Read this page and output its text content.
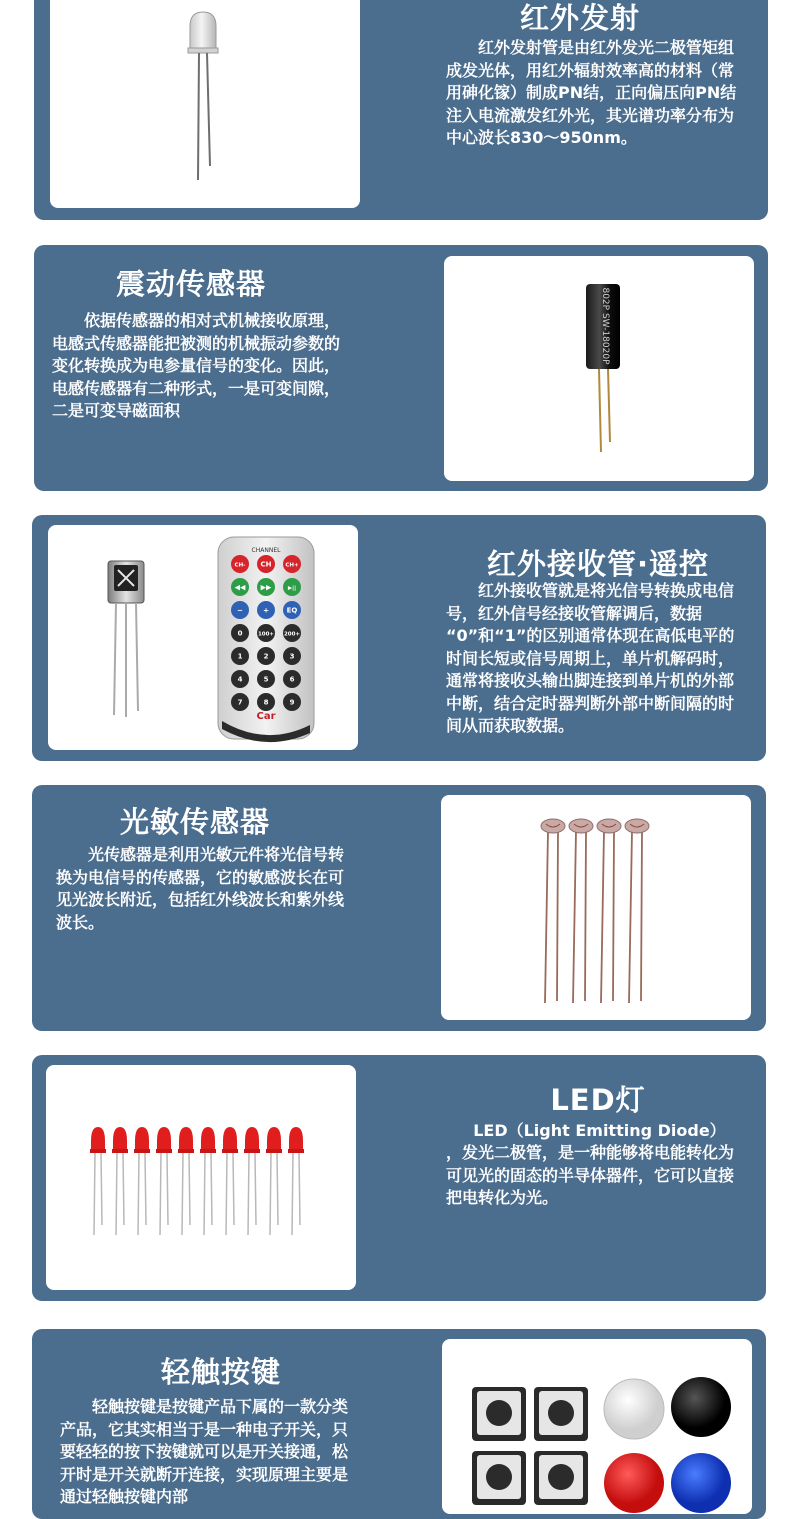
红外发射

红外发射管是由红外发光二极管矩组成发光体，用红外辐射效率高的材料（常用砷化镓）制成PN结，正向偏压向PN结注入电流激发红外光，其光谱功率分布为中心波长830～950nm。

震动传感器

依据传感器的相对式机械接收原理，电感式传感器能把被测的机械振动参数的变化转换成为电参量信号的变化。因此，电感传感器有二种形式，一是可变间隙，二是可变导磁面积

802P SW-18020P
CHANNEL
CH- CH	CH+
◀◀ ▶▶	▶||
−	+	EQ
0	100+ 200+
1	2	3
4	5	6
7	8	9
Car
红外接收管·遥控

红外接收管就是将光信号转换成电信号，红外信号经接收管解调后，数据 “0”和“1”的区别通常体现在高低电平的时间长短或信号周期上，单片机解码时，通常将接收头输出脚连接到单片机的外部中断，结合定时器判断外部中断间隔的时间从而获取数据。

光敏传感器

光传感器是利用光敏元件将光信号转换为电信号的传感器，它的敏感波长在可见光波长附近，包括红外线波长和紫外线波长。

LED灯

LED（Light Emitting Diode）

，发光二极管，是一种能够将电能转化为可见光的固态的半导体器件，它可以直接把电转化为光。

轻触按键

轻触按键是按键产品下属的一款分类产品，它其实相当于是一种电子开关，只要轻轻的按下按键就可以是开关接通，松开时是开关就断开连接，实现原理主要是通过轻触按键内部
